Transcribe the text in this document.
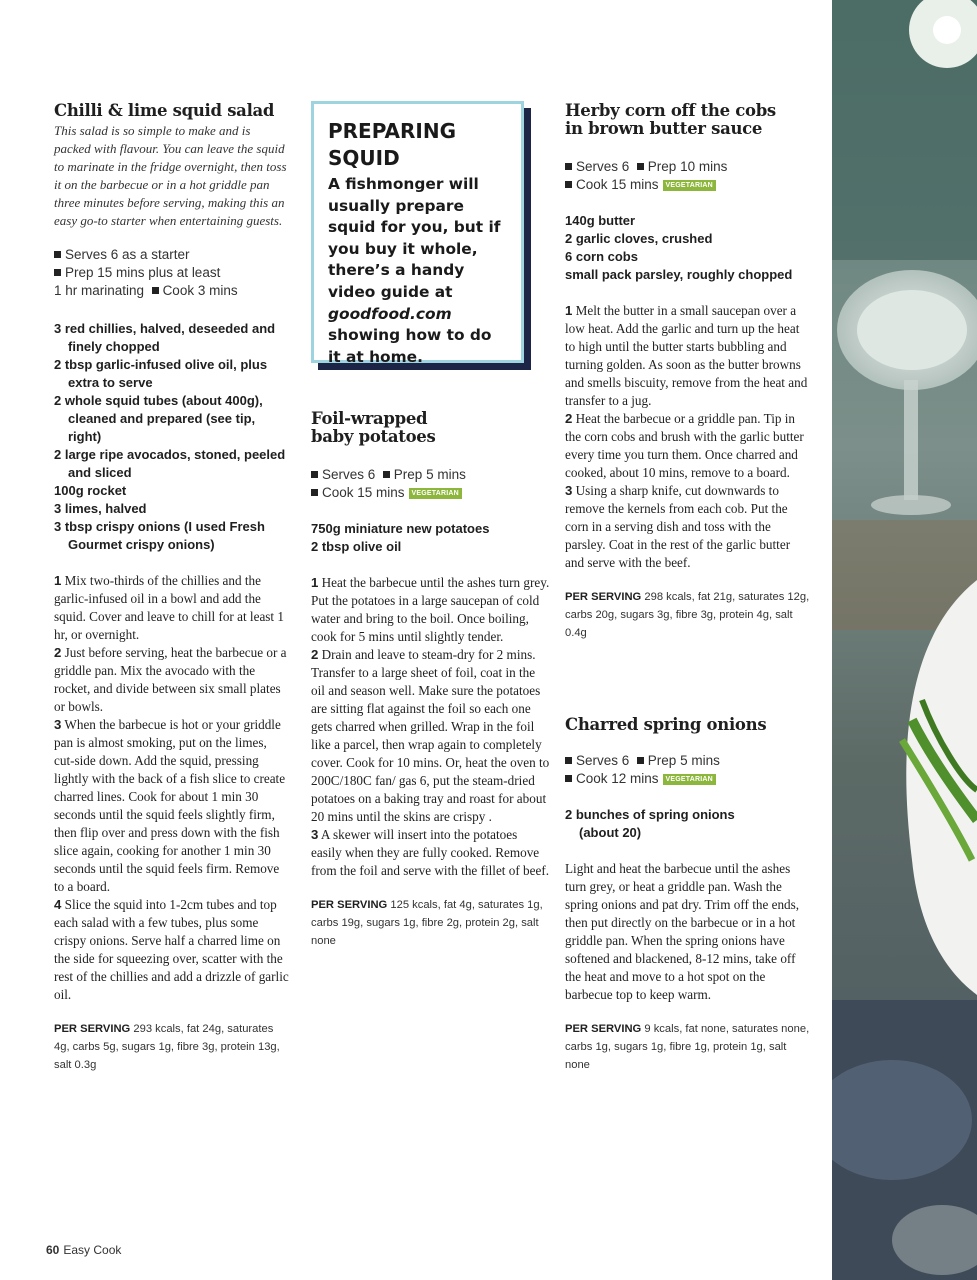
Chilli & lime squid salad

This salad is so simple to make and is packed with flavour. You can leave the squid to marinate in the fridge overnight, then toss it on the barbecue or in a hot griddle pan three minutes before serving, making this an easy go-to starter when entertaining guests.

Serves 6 as a starter

Prep 15 mins plus at least

1 hr marinating Cook 3 mins

3 red chillies, halved, deseeded and finely chopped

2 tbsp garlic-infused olive oil, plus extra to serve

2 whole squid tubes (about 400g), cleaned and prepared (see tip, right)

2 large ripe avocados, stoned, peeled and sliced

100g rocket

3 limes, halved

3 tbsp crispy onions (I used Fresh Gourmet crispy onions)

1 Mix two-thirds of the chillies and the garlic-infused oil in a bowl and add the squid. Cover and leave to chill for at least 1 hr, or overnight.

2 Just before serving, heat the barbecue or a griddle pan. Mix the avocado with the rocket, and divide between six small plates or bowls.

3 When the barbecue is hot or your griddle pan is almost smoking, put on the limes, cut-side down. Add the squid, pressing lightly with the back of a fish slice to create charred lines. Cook for about 1 min 30 seconds until the squid feels slightly firm, then flip over and press down with the fish slice again, cooking for another 1 min 30 seconds until the squid feels firm. Remove to a board.

4 Slice the squid into 1-2cm tubes and top each salad with a few tubes, plus some crispy onions. Serve half a charred lime on the side for squeezing over, scatter with the rest of the chillies and add a drizzle of garlic oil.

PER SERVING 293 kcals, fat 24g, saturates 4g, carbs 5g, sugars 1g, fibre 3g, protein 13g, salt 0.3g

PREPARING SQUID

A fishmonger will usually prepare squid for you, but if you buy it whole, there’s a handy video guide at goodfood.com showing how to do it at home.

Foil-wrapped baby potatoes

Serves 6 Prep 5 mins

Cook 15 mins VEGETARIAN

750g miniature new potatoes

2 tbsp olive oil

1 Heat the barbecue until the ashes turn grey. Put the potatoes in a large saucepan of cold water and bring to the boil. Once boiling, cook for 5 mins until slightly tender.

2 Drain and leave to steam-dry for 2 mins. Transfer to a large sheet of foil, coat in the oil and season well. Make sure the potatoes are sitting flat against the foil so each one gets charred when grilled. Wrap in the foil like a parcel, then wrap again to completely cover. Cook for 10 mins. Or, heat the oven to 200C/180C fan/ gas 6, put the steam-dried potatoes on a baking tray and roast for about 20 mins until the skins are crispy .

3 A skewer will insert into the potatoes easily when they are fully cooked. Remove from the foil and serve with the fillet of beef.

PER SERVING 125 kcals, fat 4g, saturates 1g, carbs 19g, sugars 1g, fibre 2g, protein 2g, salt none

Herby corn off the cobs in brown butter sauce

Serves 6 Prep 10 mins

Cook 15 mins VEGETARIAN

140g butter

2 garlic cloves, crushed

6 corn cobs

small pack parsley, roughly chopped

1 Melt the butter in a small saucepan over a low heat. Add the garlic and turn up the heat to high until the butter starts bubbling and turning golden. As soon as the butter browns and smells biscuity, remove from the heat and transfer to a jug.

2 Heat the barbecue or a griddle pan. Tip in the corn cobs and brush with the garlic butter every time you turn them. Once charred and cooked, about 10 mins, remove to a board.

3 Using a sharp knife, cut downwards to remove the kernels from each cob. Put the corn in a serving dish and toss with the parsley. Coat in the rest of the garlic butter and serve with the beef.

PER SERVING 298 kcals, fat 21g, saturates 12g, carbs 20g, sugars 3g, fibre 3g, protein 4g, salt 0.4g

Charred spring onions

Serves 6 Prep 5 mins

Cook 12 mins VEGETARIAN

2 bunches of spring onions (about 20)

Light and heat the barbecue until the ashes turn grey, or heat a griddle pan. Wash the spring onions and pat dry. Trim off the ends, then put directly on the barbecue or in a hot griddle pan. When the spring onions have softened and blackened, 8-12 mins, take off the heat and move to a hot spot on the barbecue top to keep warm.

PER SERVING 9 kcals, fat none, saturates none, carbs 1g, sugars 1g, fibre 1g, protein 1g, salt none

60 Easy Cook
